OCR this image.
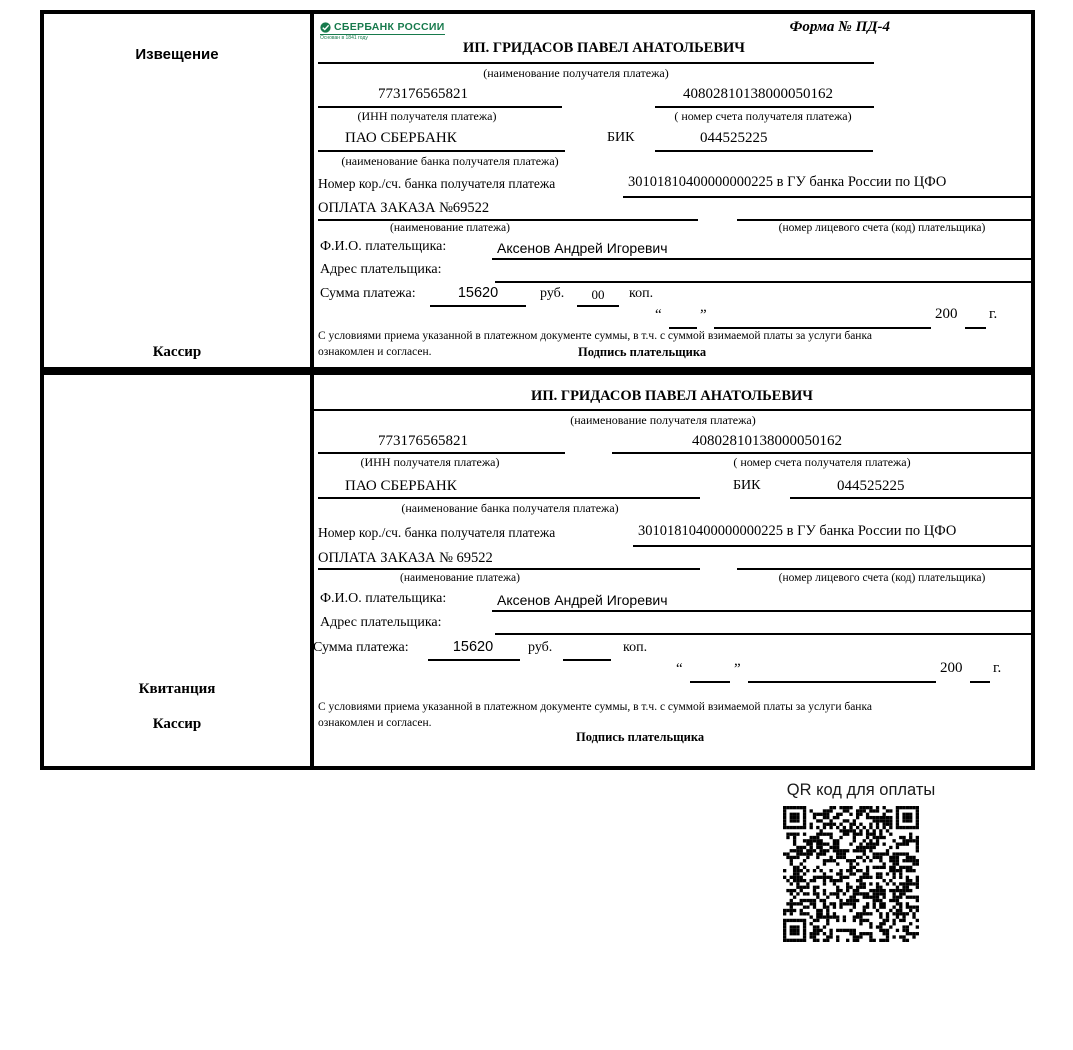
Извещение
Кассир
СБЕРБАНК РОССИИ
Основан в 1841 году
Форма № ПД-4
ИП. ГРИДАСОВ ПАВЕЛ АНАТОЛЬЕВИЧ
(наименование получателя платежа)
773176565821	40802810138000050162
(ИНН получателя платежа)	( номер счета получателя платежа)
ПАО СБЕРБАНК	БИК	044525225
(наименование банка получателя платежа)
Номер кор./сч. банка получателя платежа	30101810400000000225 в ГУ банка России по ЦФО
ОПЛАТА ЗАКАЗА №69522
(наименование платежа)	(номер лицевого счета (код) плательщика)
Ф.И.О. плательщика:	Аксенов Андрей Игоревич
Адрес плательщика:
Сумма платежа:	15620	руб. 00 коп.
“	”	200 г.
С условиями приема указанной в платежном документе суммы, в т.ч. с суммой взимаемой платы за услуги банка
ознакомлен и согласен.	Подпись плательщика
Квитанция
Кассир
ИП. ГРИДАСОВ ПАВЕЛ АНАТОЛЬЕВИЧ
(наименование получателя платежа)
773176565821	40802810138000050162
(ИНН получателя платежа)	( номер счета получателя платежа)
ПАО СБЕРБАНК	БИК	044525225
(наименование банка получателя платежа)
Номер кор./сч. банка получателя платежа	30101810400000000225 в ГУ банка России по ЦФО
ОПЛАТА ЗАКАЗА № 69522
(наименование платежа)	(номер лицевого счета (код) плательщика)
Ф.И.О. плательщика:	Аксенов Андрей Игоревич
Адрес плательщика:
Сумма платежа:	15620 руб.	коп.
“	”	200 г.
С условиями приема указанной в платежном документе суммы, в т.ч. с суммой взимаемой платы за услуги банка
ознакомлен и согласен.
Подпись плательщика
QR код для оплаты
